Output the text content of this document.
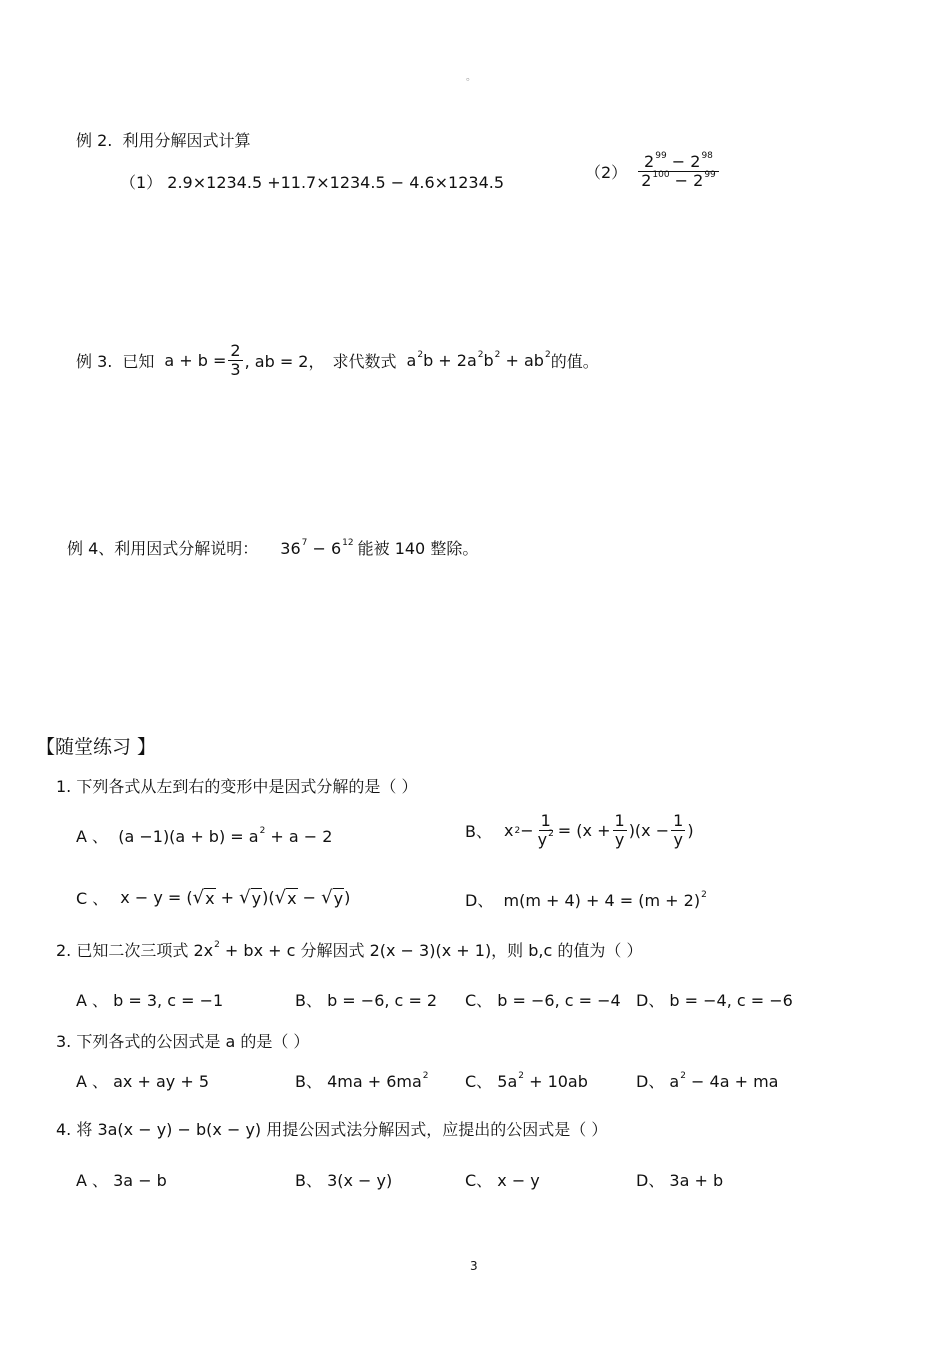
。
例 2. 利用分解因式计算
（1） 2.9×1234.5 +11.7×1234.5 − 4.6×1234.5
$(2) \frac{2^{99} - 2^{98}}{2^{100} - 2^{99}}$
例 3. 已知 $a + b = \frac{2}{3}$ , ab = 2， 求代数式 $a^2b + 2a^2b^2 + ab^2$ 的值。
例 4、利用因式分解说明： $36^7 - 6^{12}$ 能被 140 整除。
【随堂练习 】
1. 下列各式从左到右的变形中是因式分解的是（ ）
A 、 $(a -1)(a + b) = a^2 + a - 2$	B、 x $2 - \frac{1}{y^2} = (x + \frac{1}{y} )(x - \frac{1}{y}$ )
C 、 x − y = ( √ x + √ y )( √ x − √ y )	D、 $m(m + 4) + 4 = (m + 2)^2$
2. 已知二次三项式 $2x^2$ + bx + c 分解因式 2(x − 3)(x + 1)，则 b,c 的值为（ ）
A 、 b = 3, c = −1	B、 b = −6, c = 2 C、 b = −6, c = −4 D、 b = −4, c = −6
3. 下列各式的公因式是 a 的是（ ）
A 、 ax + ay + 5	B、 $4ma + 6ma^2$ C、 $5a^2 + 10ab$	D、 $a^2 - 4a$ + ma
4. 将 3a(x − y) − b(x − y) 用提公因式法分解因式，应提出的公因式是（ ）
A 、 3a − b	B、 3(x − y)	C、 x − y	D、 3a + b
3
